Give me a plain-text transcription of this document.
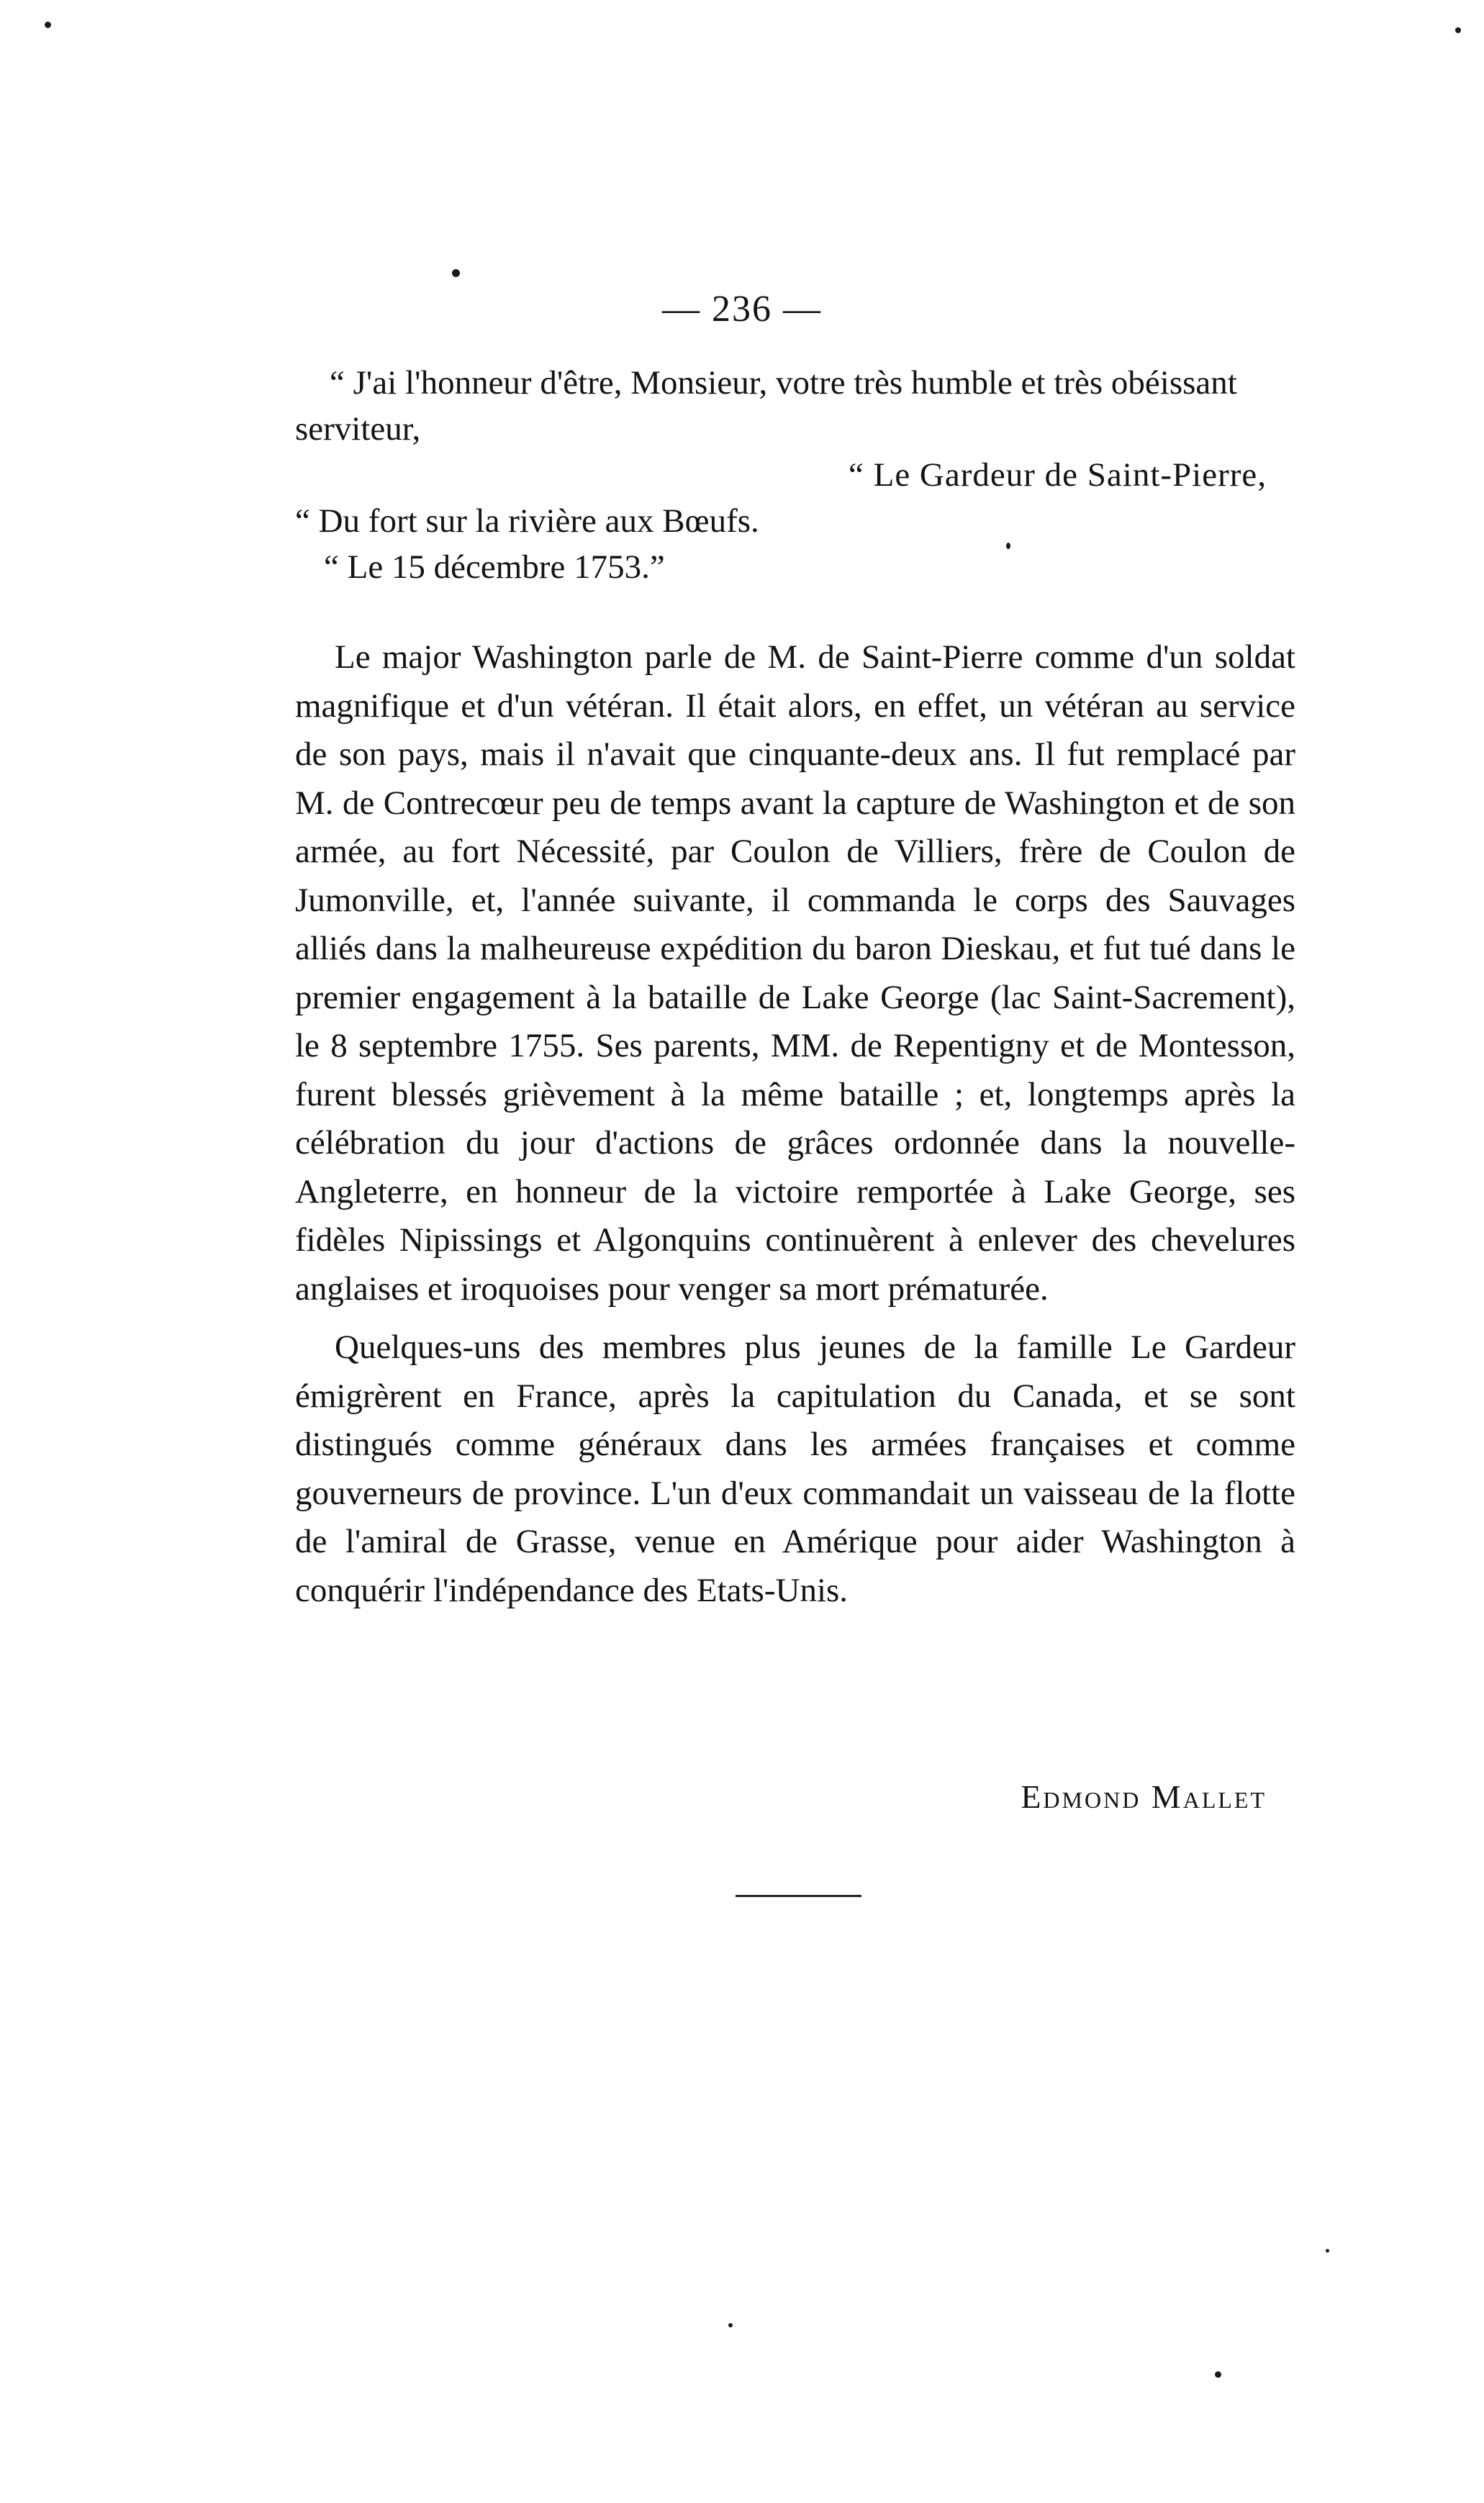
— 236 —

“ J'ai l'honneur d'être, Monsieur, votre très humble et très obéissant serviteur,

“ Le Gardeur de Saint-Pierre,

“ Du fort sur la rivière aux Bœufs.

“ Le 15 décembre 1753.”

Le major Washington parle de M. de Saint-Pierre comme d'un soldat magnifique et d'un vétéran. Il était alors, en effet, un vétéran au service de son pays, mais il n'avait que cinquante-deux ans. Il fut remplacé par M. de Contrecœur peu de temps avant la capture de Washington et de son armée, au fort Nécessité, par Coulon de Villiers, frère de Coulon de Jumonville, et, l'année suivante, il commanda le corps des Sauvages alliés dans la malheureuse expédition du baron Dieskau, et fut tué dans le premier engagement à la bataille de Lake George (lac Saint-Sacrement), le 8 septembre 1755. Ses parents, MM. de Repentigny et de Montesson, furent blessés grièvement à la même bataille ; et, longtemps après la célébration du jour d'actions de grâces ordonnée dans la nouvelle-Angleterre, en honneur de la victoire remportée à Lake George, ses fidèles Nipissings et Algonquins continuèrent à enlever des chevelures anglaises et iroquoises pour venger sa mort prématurée.

Quelques-uns des membres plus jeunes de la famille Le Gardeur émigrèrent en France, après la capitulation du Canada, et se sont distingués comme généraux dans les armées françaises et comme gouverneurs de province. L'un d'eux commandait un vaisseau de la flotte de l'amiral de Grasse, venue en Amérique pour aider Washington à conquérir l'indépendance des Etats-Unis.

Edmond Mallet
